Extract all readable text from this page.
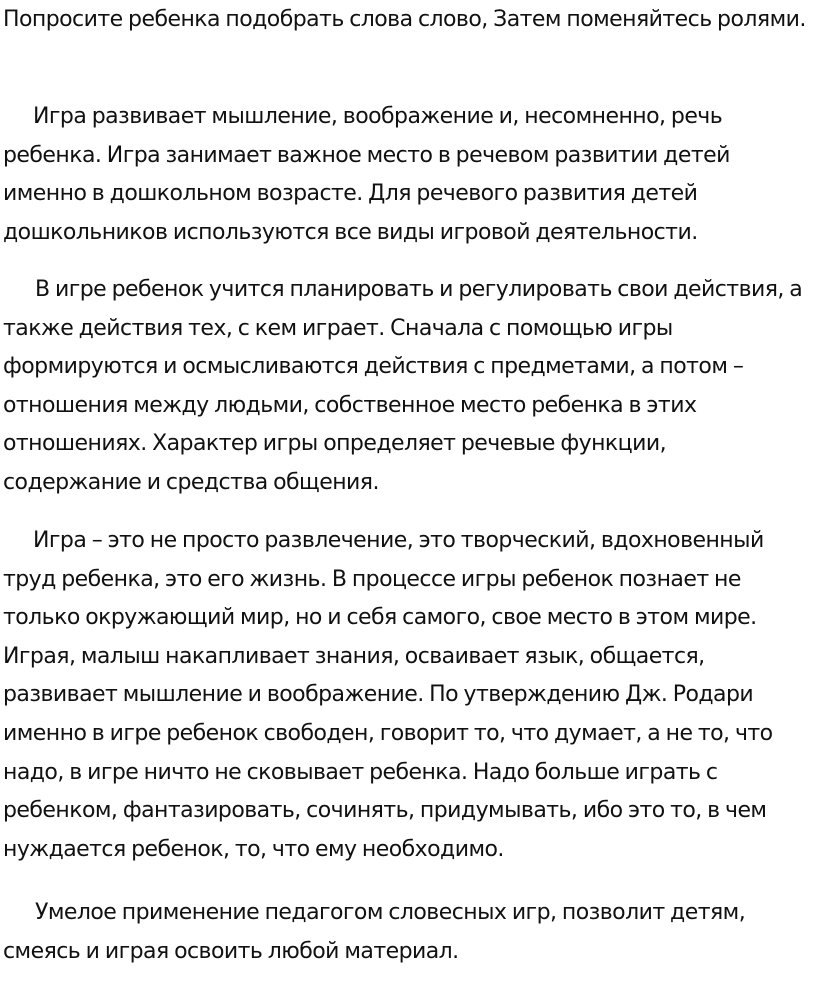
Попросите ребенка подобрать слова слово, Затем поменяйтесь ролями.

Игра развивает мышление, воображение и, несомненно, речь ребенка. Игра занимает важное место в речевом развитии детей именно в дошкольном возрасте. Для речевого развития детей дошкольников используются все виды игровой деятельности.

В игре ребенок учится планировать и регулировать свои действия, а также действия тех, с кем играет. Сначала с помощью игры формируются и осмысливаются действия с предметами, а потом – отношения между людьми, собственное место ребенка в этих отношениях. Характер игры определяет речевые функции, содержание и средства общения.

Игра – это не просто развлечение, это творческий, вдохновенный труд ребенка, это его жизнь. В процессе игры ребенок познает не только окружающий мир, но и себя самого, свое место в этом мире. Играя, малыш накапливает знания, осваивает язык, общается, развивает мышление и воображение. По утверждению Дж. Родари именно в игре ребенок свободен, говорит то, что думает, а не то, что надо, в игре ничто не сковывает ребенка. Надо больше играть с ребенком, фантазировать, сочинять, придумывать, ибо это то, в чем нуждается ребенок, то, что ему необходимо.

Умелое применение педагогом словесных игр, позволит детям, смеясь и играя освоить любой материал.
